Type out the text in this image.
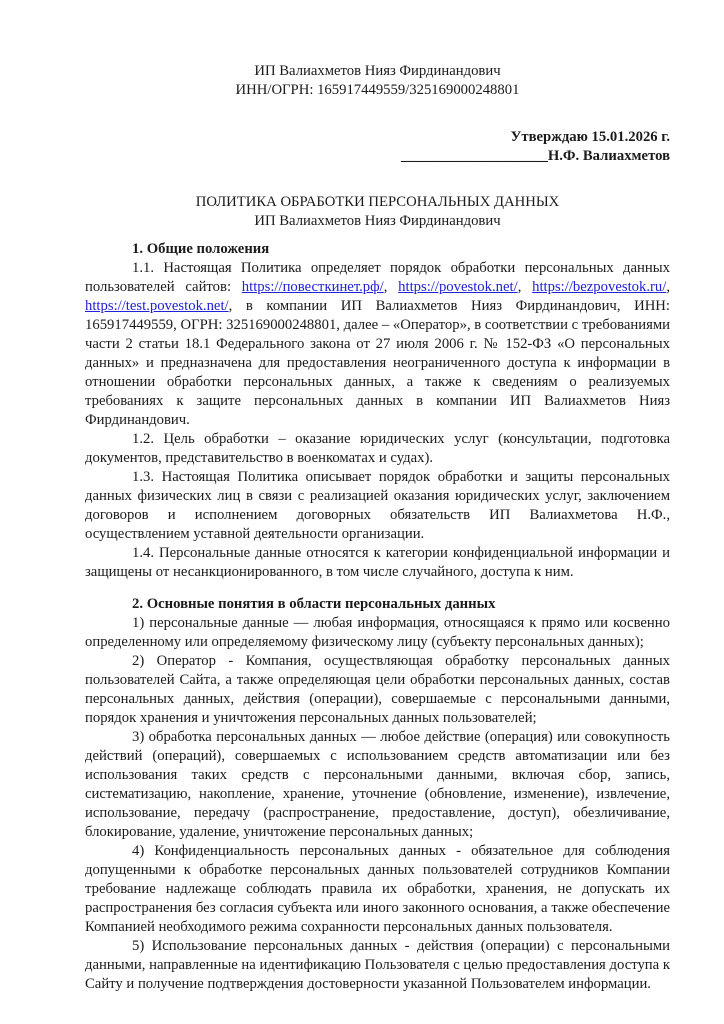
ИП Валиахметов Нияз Фирдинандович

ИНН/ОГРН: 165917449559/325169000248801

Утверждаю 15.01.2026 г.

____________________Н.Ф. Валиахметов

ПОЛИТИКА ОБРАБОТКИ ПЕРСОНАЛЬНЫХ ДАННЫХ

ИП Валиахметов Нияз Фирдинандович

1. Общие положения

1.1. Настоящая Политика определяет порядок обработки персональных данных пользователей сайтов: https://повесткинет.рф/, https://povestok.net/, https://bezpovestok.ru/, https://test.povestok.net/, в компании ИП Валиахметов Нияз Фирдинандович, ИНН: 165917449559, ОГРН: 325169000248801, далее – «Оператор», в соответствии с требованиями части 2 статьи 18.1 Федерального закона от 27 июля 2006 г. № 152-ФЗ «О персональных данных» и предназначена для предоставления неограниченного доступа к информации в отношении обработки персональных данных, а также к сведениям о реализуемых требованиях к защите персональных данных в компании ИП Валиахметов Нияз Фирдинандович.

1.2. Цель обработки – оказание юридических услуг (консультации, подготовка документов, представительство в военкоматах и судах).

1.3. Настоящая Политика описывает порядок обработки и защиты персональных данных физических лиц в связи с реализацией оказания юридических услуг, заключением договоров и исполнением договорных обязательств ИП Валиахметова Н.Ф., осуществлением уставной деятельности организации.

1.4. Персональные данные относятся к категории конфиденциальной информации и защищены от несанкционированного, в том числе случайного, доступа к ним.

2. Основные понятия в области персональных данных

1) персональные данные — любая информация, относящаяся к прямо или косвенно определенному или определяемому физическому лицу (субъекту персональных данных);

2) Оператор - Компания, осуществляющая обработку персональных данных пользователей Сайта, а также определяющая цели обработки персональных данных, состав персональных данных, действия (операции), совершаемые с персональными данными, порядок хранения и уничтожения персональных данных пользователей;

3) обработка персональных данных — любое действие (операция) или совокупность действий (операций), совершаемых с использованием средств автоматизации или без использования таких средств с персональными данными, включая сбор, запись, систематизацию, накопление, хранение, уточнение (обновление, изменение), извлечение, использование, передачу (распространение, предоставление, доступ), обезличивание, блокирование, удаление, уничтожение персональных данных;

4) Конфиденциальность персональных данных - обязательное для соблюдения допущенными к обработке персональных данных пользователей сотрудников Компании требование надлежаще соблюдать правила их обработки, хранения, не допускать их распространения без согласия субъекта или иного законного основания, а также обеспечение Компанией необходимого режима сохранности персональных данных пользователя.

5) Использование персональных данных - действия (операции) с персональными данными, направленные на идентификацию Пользователя с целью предоставления доступа к Сайту и получение подтверждения достоверности указанной Пользователем информации.
